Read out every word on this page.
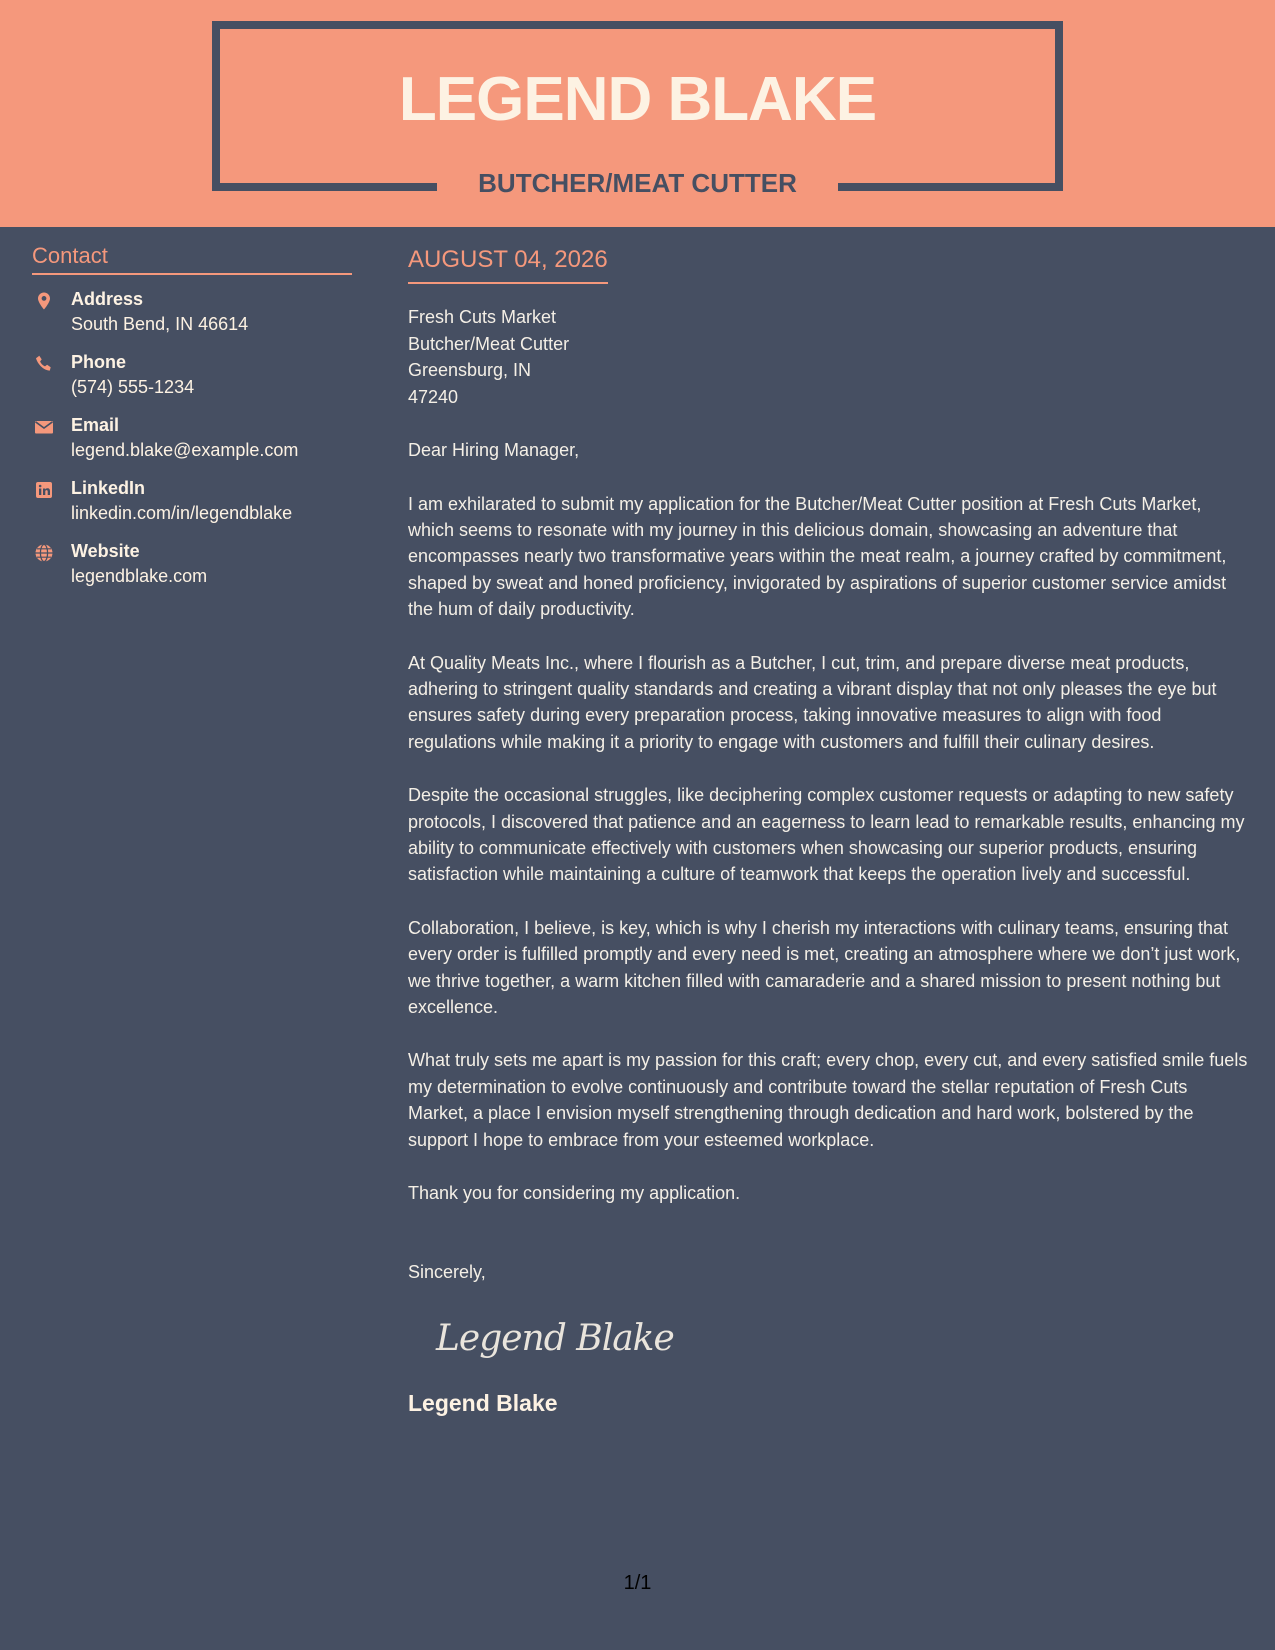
LEGEND BLAKE
BUTCHER/MEAT CUTTER
Contact
Address
South Bend, IN 46614
Phone
(574) 555-1234
Email
legend.blake@example.com
LinkedIn
linkedin.com/in/legendblake
Website
legendblake.com
AUGUST 04, 2026
Fresh Cuts Market
Butcher/Meat Cutter
Greensburg, IN
47240
Dear Hiring Manager,
I am exhilarated to submit my application for the Butcher/Meat Cutter position at Fresh Cuts Market, which seems to resonate with my journey in this delicious domain, showcasing an adventure that encompasses nearly two transformative years within the meat realm, a journey crafted by commitment, shaped by sweat and honed proficiency, invigorated by aspirations of superior customer service amidst the hum of daily productivity.
At Quality Meats Inc., where I flourish as a Butcher, I cut, trim, and prepare diverse meat products, adhering to stringent quality standards and creating a vibrant display that not only pleases the eye but ensures safety during every preparation process, taking innovative measures to align with food regulations while making it a priority to engage with customers and fulfill their culinary desires.
Despite the occasional struggles, like deciphering complex customer requests or adapting to new safety protocols, I discovered that patience and an eagerness to learn lead to remarkable results, enhancing my ability to communicate effectively with customers when showcasing our superior products, ensuring satisfaction while maintaining a culture of teamwork that keeps the operation lively and successful.
Collaboration, I believe, is key, which is why I cherish my interactions with culinary teams, ensuring that every order is fulfilled promptly and every need is met, creating an atmosphere where we don’t just work, we thrive together, a warm kitchen filled with camaraderie and a shared mission to present nothing but excellence.
What truly sets me apart is my passion for this craft; every chop, every cut, and every satisfied smile fuels my determination to evolve continuously and contribute toward the stellar reputation of Fresh Cuts Market, a place I envision myself strengthening through dedication and hard work, bolstered by the support I hope to embrace from your esteemed workplace.
Thank you for considering my application.
Sincerely,
Legend Blake
Legend Blake
1/1
